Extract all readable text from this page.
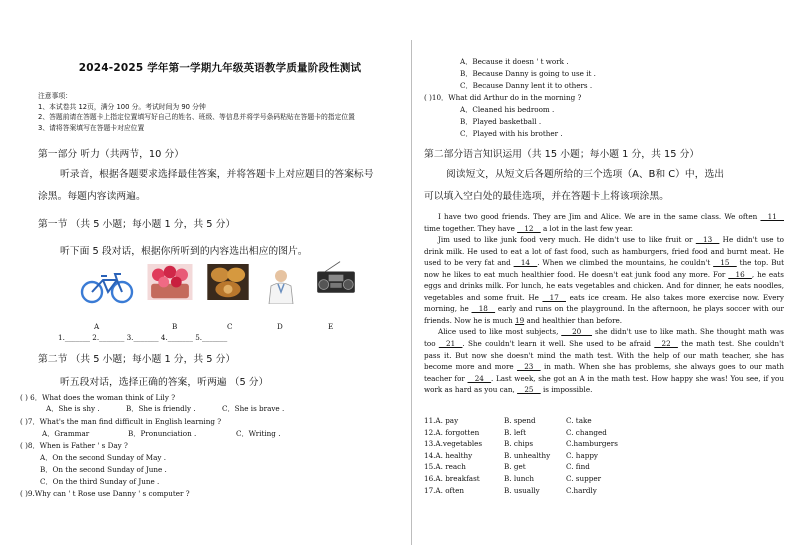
2024-2025 学年第一学期九年级英语教学质量阶段性测试
注意事项：
1、本试卷共 12页，满分 100 分。考试时间为 90 分钟
2、答题前请在答题卡上指定位置填写好自己的姓名、班级、等信息并将学号条码粘贴在答题卡的指定位置
3、请将答案填写在答题卡对应位置
第一部分 听力（共两节，10 分）
听录音，根据各题要求选择最佳答案，并将答题卡上对应题目的答案标号
涂黑。每题内容读两遍。
第一节 （共 5 小题；每小题 1 分，共 5 分）
听下面 5 段对话，根据你所听到的内容选出相应的图片。
A	B	C	D	E
1._______ 2._______ 3._______ 4._______ 5._______
第二节 （共 5 小题；每小题 1 分，共 5 分）
听五段对话，选择正确的答案，听两遍 （5 分）
( ) 6．What does the woman think of Lily ?
A．She is shy .	B．She is friendly .	C．She is brave .
( )7．What's the man find difficult in English learning ?
A．Grammar	B．Pronunciation .	C．Writing .
( )8．When is Father ' s Day ?
A．On the second Sunday of May .
B．On the second Sunday of June .
C．On the third Sunday of June .
( )9.Why can ' t Rose use Danny ' s computer ?
A．Because it doesn ' t work .
B．Because Danny is going to use it .
C．Because Danny lent it to others .
( )10．What did Arthur do in the morning ?
A．Cleaned his bedroom .
B．Played basketball .
C．Played with his brother .
第二部分语言知识运用（共 15 小题；每小题 1 分，共 15 分）
阅读短文，从短文后各题所给的三个选项（A、B和 C）中，选出
可以填入空白处的最佳选项，并在答题卡上将该项涂黑。

I have two good friends. They are Jim and Alice. We are in the same class. We often __11__ time together. They have __12__ a lot in the last few year.

Jim used to like junk food very much. He didn't use to like fruit or __13__ He didn't use to drink milk. He used to eat a lot of fast food, such as hamburgers, fried food and burnt meat. He used to be very fat and __14__. When we climbed the mountains, he couldn't __15__ the top. But now he likes to eat much healthier food. He doesn't eat junk food any more. For __16__, he eats eggs and drinks milk. For lunch, he eats vegetables and chicken. And for dinner, he eats noodles, vegetables and some fruit. He __17__ eats ice cream. He also takes more exercise now. Every morning, he __18__ early and runs on the playground. In the afternoon, he plays soccer with our friends. Now he is much 19 and healthier than before.

Alice used to like most subjects, ___20___ she didn't use to like math. She thought math was too __21__. She couldn't learn it well. She used to be afraid __22__ the math test. She couldn't pass it. But now she doesn't mind the math test. With the help of our math teacher, she has become more and more __23__ in math. When she has problems, she always goes to our math teacher for __24__. Last week, she got an A in the math test. How happy she was! You see, if you work as hard as you can, __25__ is impossible.

11.A. pay	B. spend	C. take
12.A. forgotten	B. left	C. changed
13.A.vegetables	B. chips	C.hamburgers
14.A. healthy	B. unhealthy C. happy
15.A. reach	B. get	C. find
16.A. breakfast	B. lunch	C. supper
17.A. often	B. usually	C.hardly
